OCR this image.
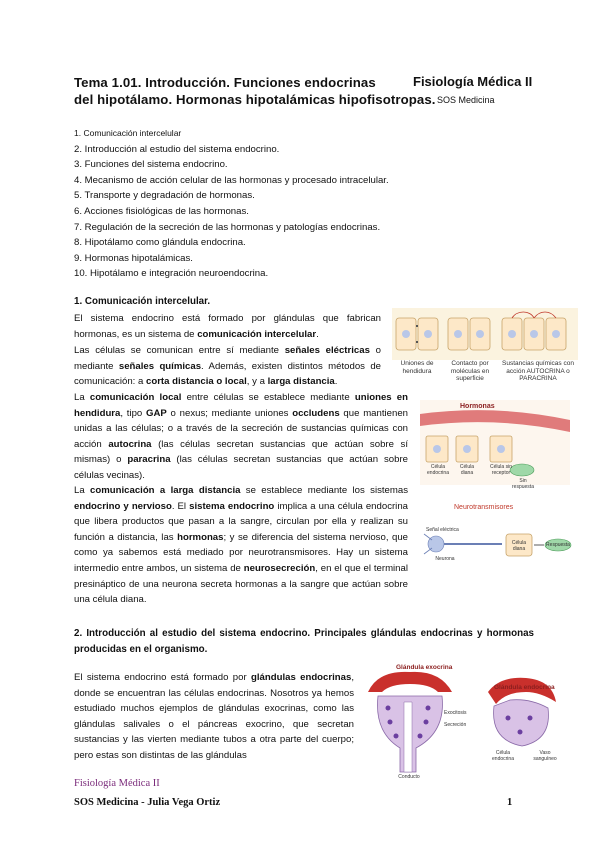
Tema 1.01. Introducción. Funciones endocrinas
del hipotálamo. Hormonas hipotalámicas hipofisotropas.
Fisiología Médica II
SOS Medicina
1. Comunicación intercelular
2. Introducción al estudio del sistema endocrino.
3. Funciones del sistema endocrino.
4. Mecanismo de acción celular de las hormonas y procesado intracelular.
5. Transporte y degradación de hormonas.
6. Acciones fisiológicas de las hormonas.
7. Regulación de la secreción de las hormonas y patologías endocrinas.
8. Hipotálamo como glándula endocrina.
9. Hormonas hipotalámicas.
10. Hipotálamo e integración neuroendocrina.
1. Comunicación intercelular.
El sistema endocrino está formado por glándulas que fabrican hormonas, es un sistema de comunicación intercelular.
Las células se comunican entre sí mediante señales eléctricas o mediante señales químicas. Además, existen distintos métodos de comunicación: a corta distancia o local, y a larga distancia.
La comunicación local entre células se establece mediante uniones en hendidura, tipo GAP o nexus; mediante uniones occludens que mantienen unidas a las células; o a través de la secreción de sustancias químicas con acción autocrina (las células secretan sustancias que actúan sobre sí mismas) o paracrina (las células secretan sustancias que actúan sobre células vecinas).
La comunicación a larga distancia se establece mediante los sistemas endocrino y nervioso. El sistema endocrino implica a una célula endocrina que libera productos que pasan a la sangre, circulan por ella y realizan su función a distancia, las hormonas; y se diferencia del sistema nervioso, que como ya sabemos está mediado por neurotransmisores. Hay un sistema intermedio entre ambos, un sistema de neurosecreción, en el que el terminal presináptico de una neurona secreta hormonas a la sangre que actúan sobre una célula diana.
Uniones de hendidura
Contacto por moléculas en superficie
Sustancias químicas con acción AUTOCRINA o PARACRINA
Hormonas
Célula endocrina
Célula diana
Célula sin receptor
Sin respuesta
Neurotransmisores
Señal eléctrica
Neurona
Célula diana
Respuesta
2. Introducción al estudio del sistema endocrino. Principales glándulas endocrinas y hormonas producidas en el organismo.
El sistema endocrino está formado por glándulas endocrinas, donde se encuentran las células endocrinas. Nosotros ya hemos estudiado muchos ejemplos de glándulas exocrinas, como las glándulas salivales o el páncreas exocrino, que secretan sustancias y las vierten mediante tubos a otra parte del cuerpo; pero estas son distintas de las glándulas
Glándula exocrina
Glándula endocrina
Conducto
Exocitosis
Secreción
Vaso sanguíneo
Célula endocrina
Fisiología Médica II
SOS Medicina - Julia Vega Ortiz	1
